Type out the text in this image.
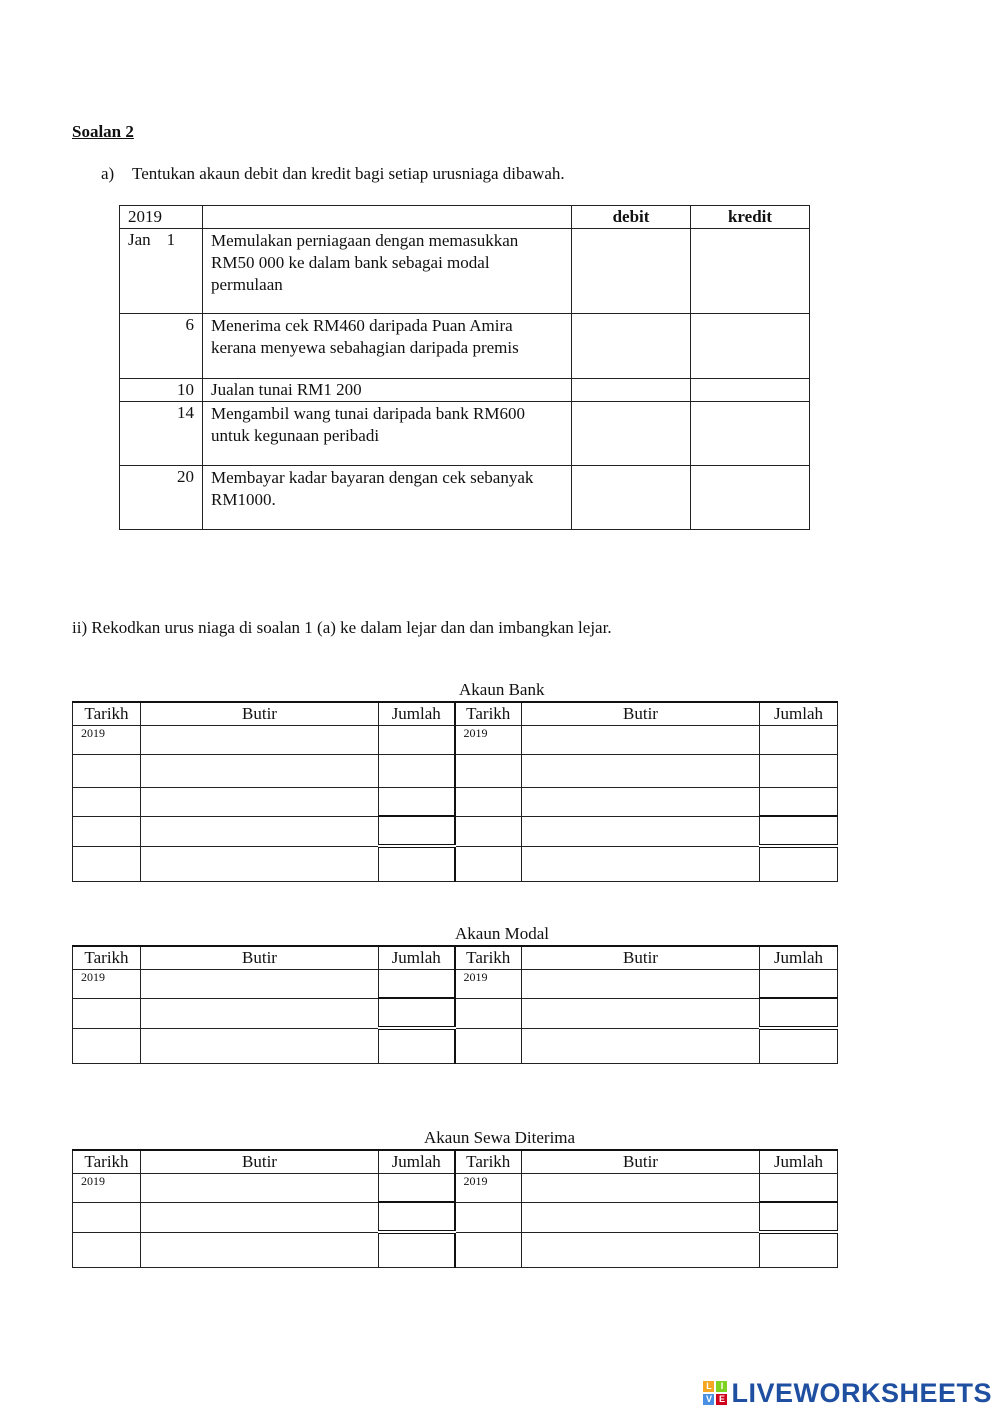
Soalan 2
a) Tentukan akaun debit dan kredit bagi setiap urusniaga dibawah.
2019		debit	kredit
Jan 1	Memulakan perniagaan dengan memasukkan
RM50 000 ke dalam bank sebagai modal
permulaan		

6	Menerima cek RM460 daripada Puan Amira
kerana menyewa sebahagian daripada premis		

10	Jualan tunai RM1 200		

14	Mengambil wang tunai daripada bank RM600
untuk kegunaan peribadi		

20	Membayar kadar bayaran dengan cek sebanyak
RM1000.		

ii) Rekodkan urus niaga di soalan 1 (a) ke dalam lejar dan dan imbangkan lejar.
Akaun Bank
Tarikh	Butir	Jumlah	Tarikh	Butir	Jumlah
2019			2019		

Akaun Modal
Tarikh	Butir	Jumlah	Tarikh	Butir	Jumlah
2019			2019		

Akaun Sewa Diterima
Tarikh	Butir	Jumlah	Tarikh	Butir	Jumlah
2019			2019		

L I
V E LIVEWORKSHEETS
